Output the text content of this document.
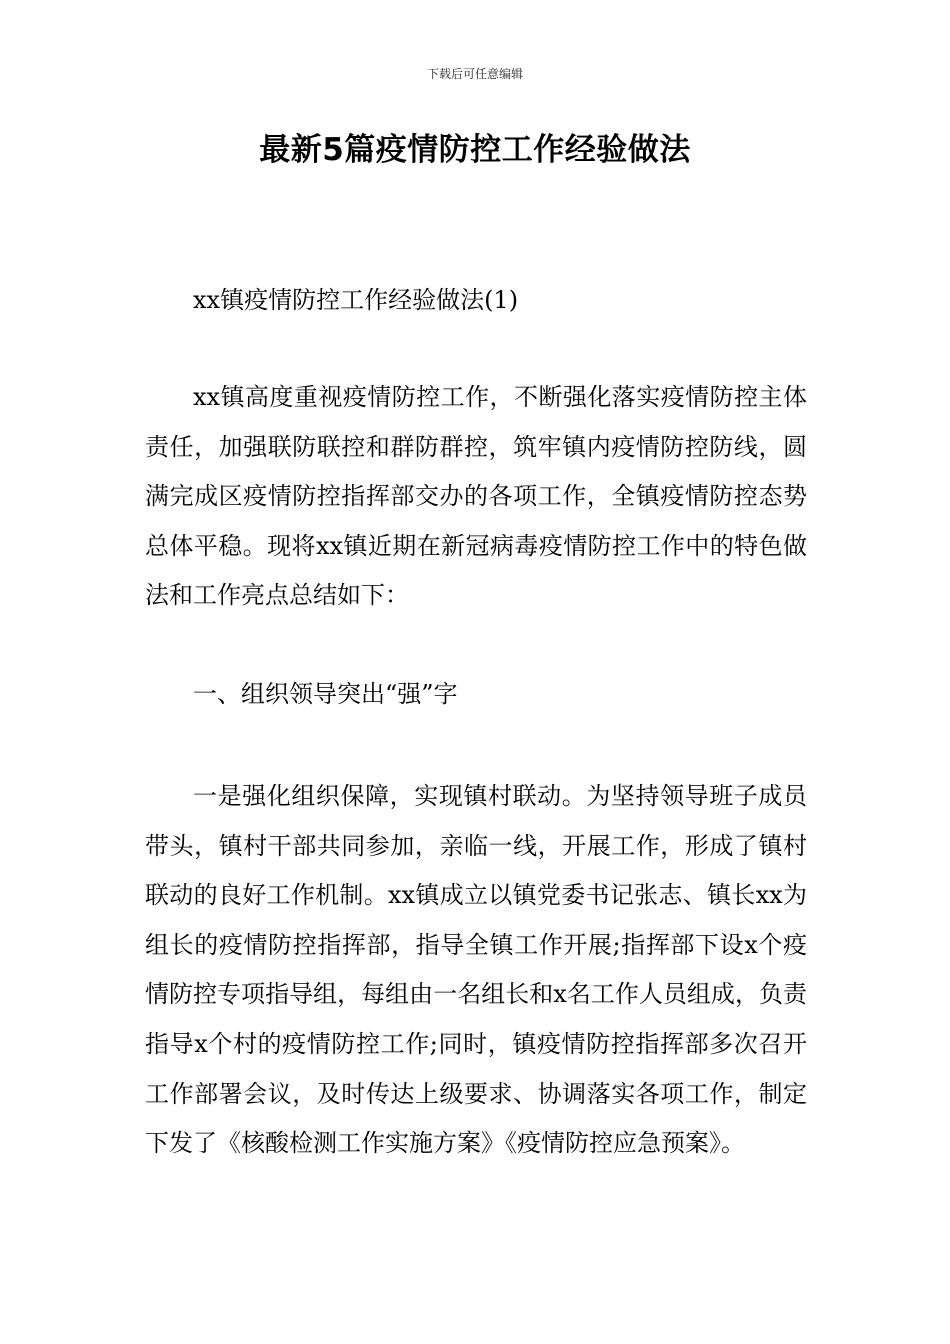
下载后可任意编辑
最新5篇疫情防控工作经验做法

xx镇疫情防控工作经验做法(1)

xx镇高度重视疫情防控工作，不断强化落实疫情防控主体责任，加强联防联控和群防群控，筑牢镇内疫情防控防线，圆满完成区疫情防控指挥部交办的各项工作，全镇疫情防控态势总体平稳。现将xx镇近期在新冠病毒疫情防控工作中的特色做法和工作亮点总结如下：

一、组织领导突出“强”字

一是强化组织保障，实现镇村联动。为坚持领导班子成员带头，镇村干部共同参加，亲临一线，开展工作，形成了镇村联动的良好工作机制。xx镇成立以镇党委书记张志、镇长xx为组长的疫情防控指挥部，指导全镇工作开展;指挥部下设x个疫情防控专项指导组，每组由一名组长和x名工作人员组成，负责指导x个村的疫情防控工作;同时，镇疫情防控指挥部多次召开工作部署会议，及时传达上级要求、协调落实各项工作，制定下发了《核酸检测工作实施方案》《疫情防控应急预案》。
